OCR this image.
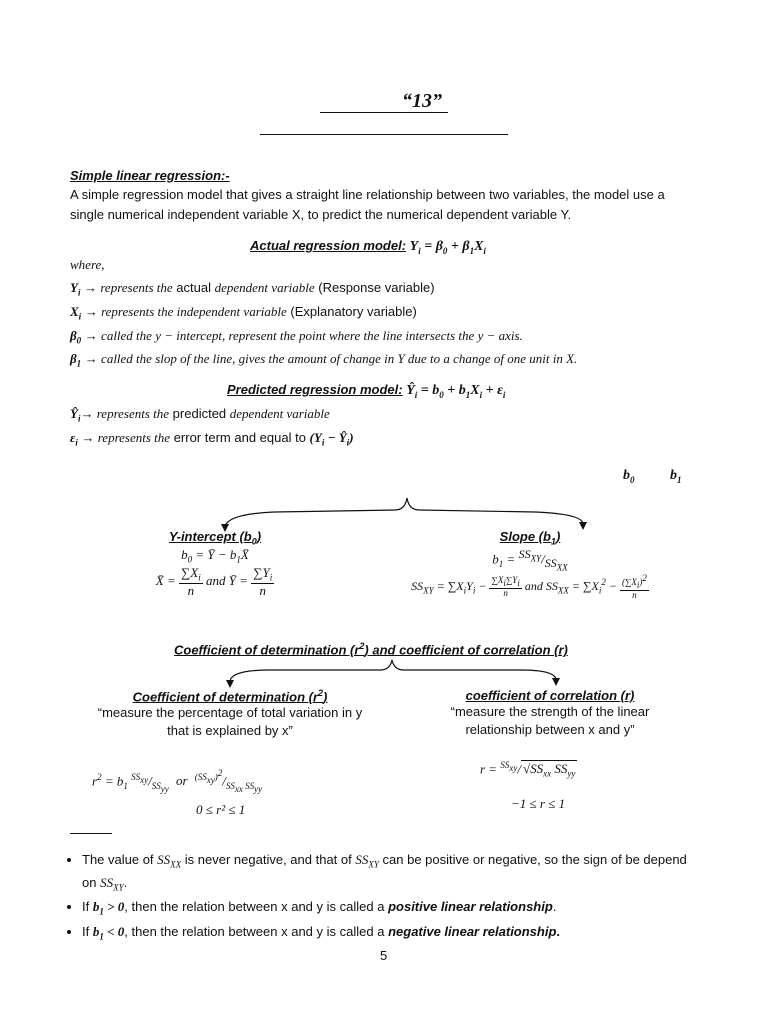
“13”
Simple linear regression:-
A simple regression model that gives a straight line relationship between two variables, the model use a single numerical independent variable X, to predict the numerical dependent variable Y.
Actual regression model: $Y_i = \beta_0 + \beta_1X_i$
where,
$Y_i$ → represents the actual dependent variable (Response variable)
$X_i$ → represents the independent variable (Explanatory variable)
$\beta_0$ → called the y − intercept, represent the point where the line intersects the y − axis.
$\beta_1$ → called the slop of the line, gives the amount of change in Y due to a change of one unit in X.
Predicted regression model: $Ŷ_i = b_0 + b_1X_i + \varepsilon_i$
$Ŷ_i\to$ represents the predicted dependent variable
$\varepsilon_i$ → represents the error term and equal to ($Y_i$ − $Ŷ_i$)
$b_0$	$b_1$
Y-intercept $(b_0)$
$b_0$ = Ȳ − $b_1X̄$
X̄ = $\frac{\sum X_i}{n}$ and Ȳ = $\frac{\sum Y_i}{n}$
Slope $(b_1)$
$b_1 = ^{SS_{XY}}/_{SS_{XX}}$
$SS_{XY} = \sum X_iY_i - \frac{\sum X_i\sum Y_i}{n}$ and $SS_{XX} = \sum X_i^2 - \frac{(\sum X_i)^2}{n}$
Coefficient of determination $(r^2)$ and coefficient of correlation (r)
Coefficient of determination $(r^2)$
“measure the percentage of total variation in y that is explained by x”
$r^2 = b_1$ $^{SS_{xy}}/_{SS_{yy}}$ or $^{(SS_{xy})^2}/_{SS_{xx} SS_{yy}}$
0 ≤ r² ≤ 1
coefficient of correlation (r)
“measure the strength of the linear relationship between x and y”
r = $^{SS_{xy}}$/ $√SS_{xx}$ $SS_{yy}$
−1 ≤ r ≤ 1
• The value of $SS_{XX}$ is never negative, and that of $SS_{XY}$ can be positive or negative, so the sign of be depend on $SS_{XY}$.
• If $b_1 > 0$, then the relation between x and y is called a positive linear relationship.
• If $b_1 < 0$, then the relation between x and y is called a negative linear relationship.
5
